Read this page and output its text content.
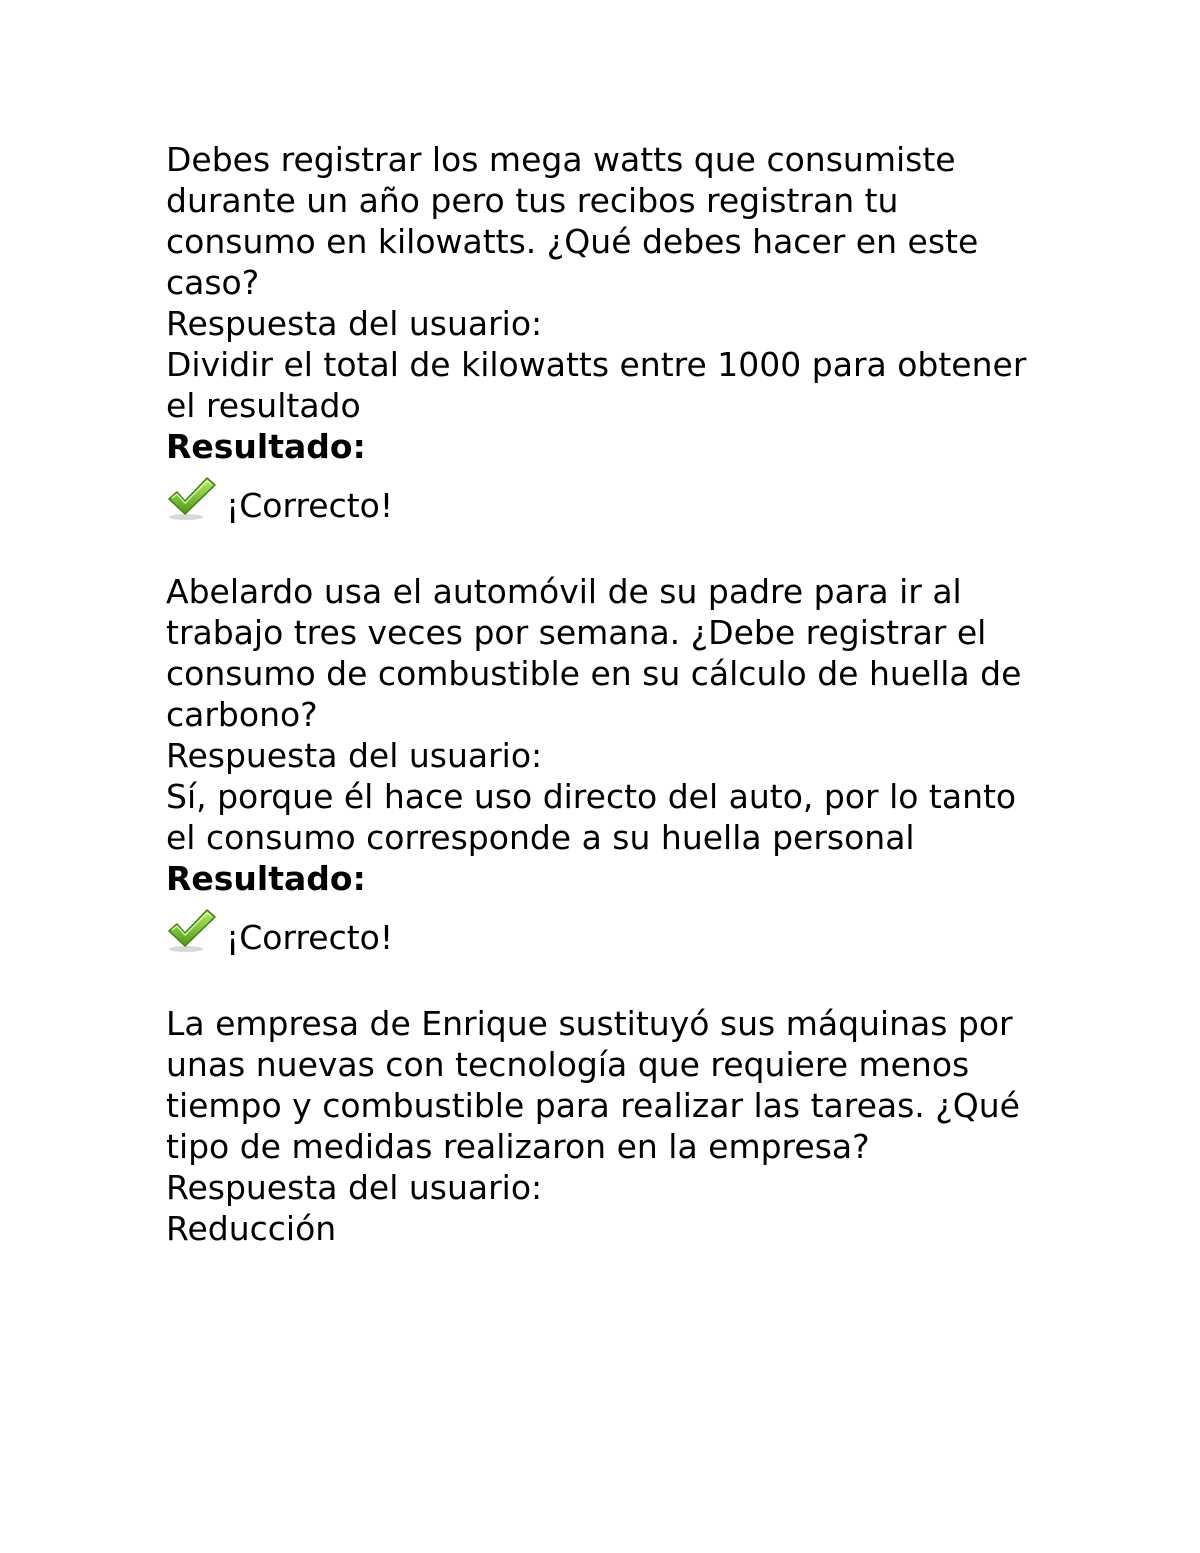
Debes registrar los mega watts que consumiste durante un año pero tus recibos registran tu consumo en kilowatts. ¿Qué debes hacer en este caso?

Respuesta del usuario:

Dividir el total de kilowatts entre 1000 para obtener el resultado

Resultado:

¡Correcto!

Abelardo usa el automóvil de su padre para ir al trabajo tres veces por semana. ¿Debe registrar el consumo de combustible en su cálculo de huella de carbono?

Respuesta del usuario:

Sí, porque él hace uso directo del auto, por lo tanto el consumo corresponde a su huella personal

Resultado:

¡Correcto!

La empresa de Enrique sustituyó sus máquinas por unas nuevas con tecnología que requiere menos tiempo y combustible para realizar las tareas. ¿Qué tipo de medidas realizaron en la empresa?

Respuesta del usuario:

Reducción
